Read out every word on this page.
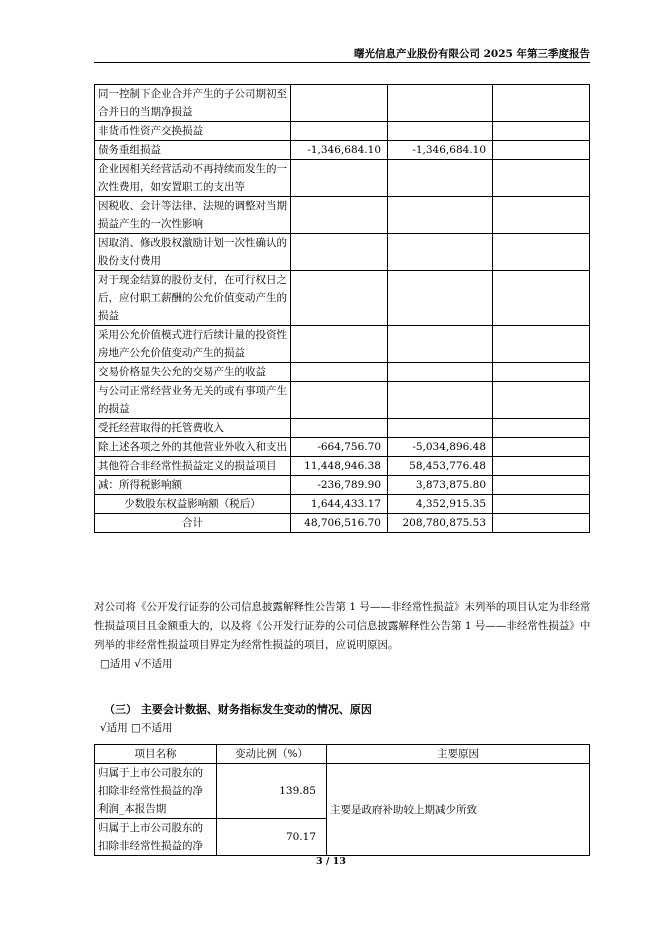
曙光信息产业股份有限公司 2025 年第三季度报告
同一控制下企业合并产生的子公司期初至合并日的当期净损益			
非货币性资产交换损益			
债务重组损益	-1,346,684.10	-1,346,684.10	
企业因相关经营活动不再持续而发生的一次性费用，如安置职工的支出等			
因税收、会计等法律、法规的调整对当期损益产生的一次性影响			
因取消、修改股权激励计划一次性确认的股份支付费用			
对于现金结算的股份支付，在可行权日之后，应付职工薪酬的公允价值变动产生的损益			
采用公允价值模式进行后续计量的投资性房地产公允价值变动产生的损益			
交易价格显失公允的交易产生的收益			
与公司正常经营业务无关的或有事项产生的损益			
受托经营取得的托管费收入			
除上述各项之外的其他营业外收入和支出	-664,756.70	-5,034,896.48	
其他符合非经常性损益定义的损益项目	11,448,946.38	58,453,776.48	
减：所得税影响额	-236,789.90	3,873,875.80	
少数股东权益影响额（税后）	1,644,433.17	4,352,915.35	
合计	48,706,516.70	208,780,875.53	
对公司将《公开发行证券的公司信息披露解释性公告第 1 号——非经常性损益》未列举的项目认定为非经常性损益项目且金额重大的，以及将《公开发行证券的公司信息披露解释性公告第 1 号——非经常性损益》中列举的非经常性损益项目界定为经常性损益的项目，应说明原因。
□适用 √不适用
（三） 主要会计数据、财务指标发生变动的情况、原因
√适用 □不适用
项目名称	变动比例（%）	主要原因
归属于上市公司股东的扣除非经常性损益的净利润_本报告期	139.85	主要是政府补助较上期减少所致
归属于上市公司股东的扣除非经常性损益的净	70.17	
3 / 13
